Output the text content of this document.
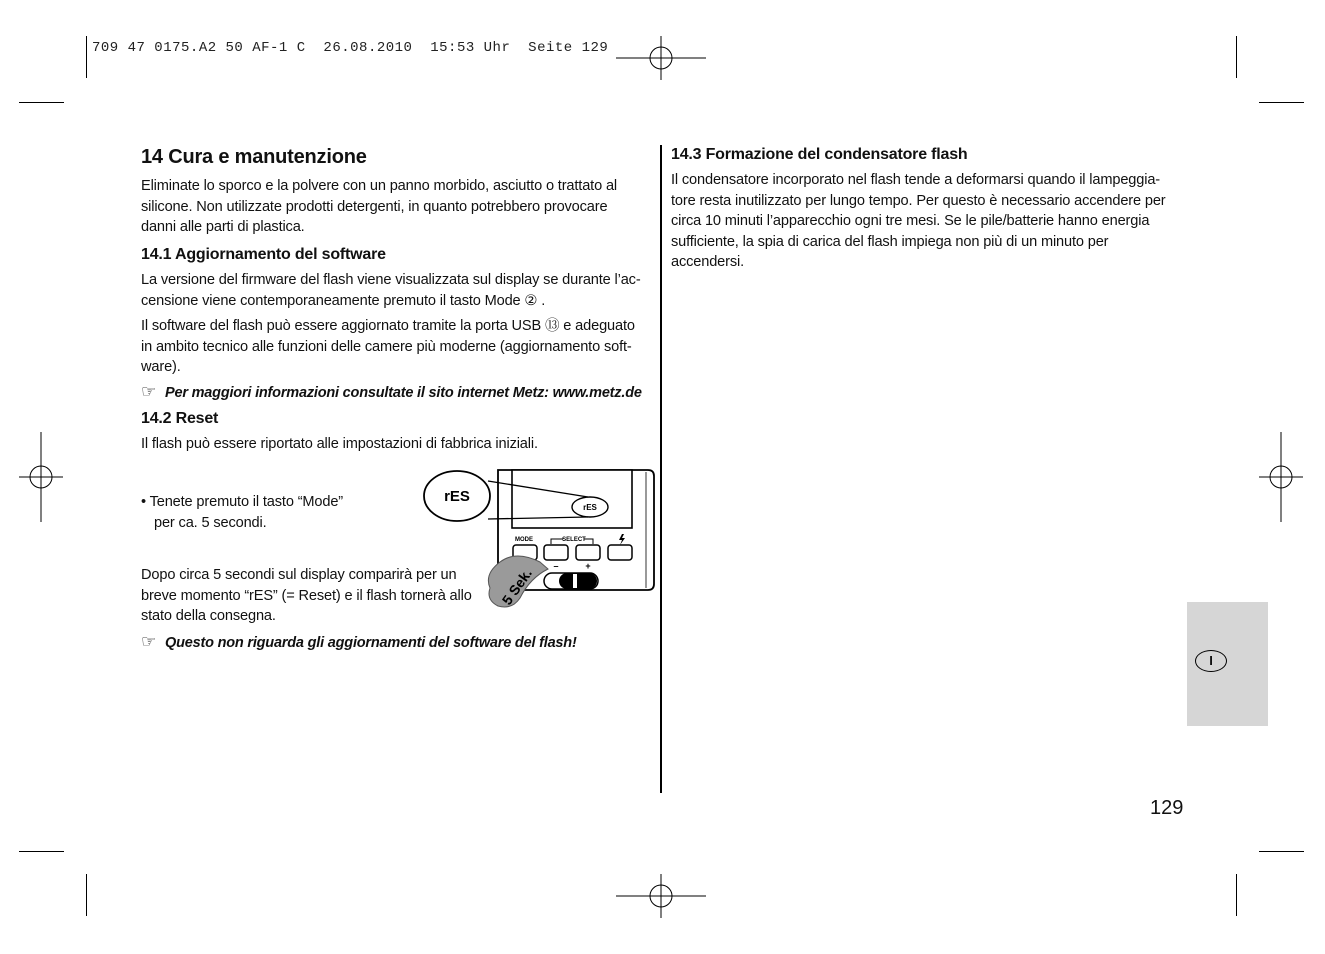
709 47 0175.A2 50 AF-1 C  26.08.2010  15:53 Uhr  Seite 129
14 Cura e manutenzione
Eliminate lo sporco e la polvere con un panno morbido, asciutto o trattato al
silicone. Non utilizzate prodotti detergenti, in quanto potrebbero provocare
danni alle parti di plastica.
14.1 Aggiornamento del software
La versione del firmware del flash viene visualizzata sul display se durante l’ac-
censione viene contemporaneamente premuto il tasto Mode ② .
Il software del flash può essere aggiornato tramite la porta USB ⑬ e adeguato
in ambito tecnico alle funzioni delle camere più moderne (aggiornamento soft-
ware).
☞ Per maggiori informazioni consultate il sito internet Metz: www.metz.de
14.2 Reset
Il flash può essere riportato alle impostazioni di fabbrica iniziali.
• Tenete premuto il tasto “Mode”
per ca. 5 secondi.
Dopo circa 5 secondi sul display comparirà per un
breve momento “rES” (= Reset) e il flash tornerà allo
stato della consegna.
☞ Questo non riguarda gli aggiornamenti del software del flash!
rES
rES
MODE	SELECT
–	+
5 Sek.
14.3 Formazione del condensatore flash
Il condensatore incorporato nel flash tende a deformarsi quando il lampeggia-
tore resta inutilizzato per lungo tempo. Per questo è necessario accendere per
circa 10 minuti l’apparecchio ogni tre mesi. Se le pile/batterie hanno energia
sufficiente, la spia di carica del flash impiega non più di un minuto per
accendersi.
I
129
